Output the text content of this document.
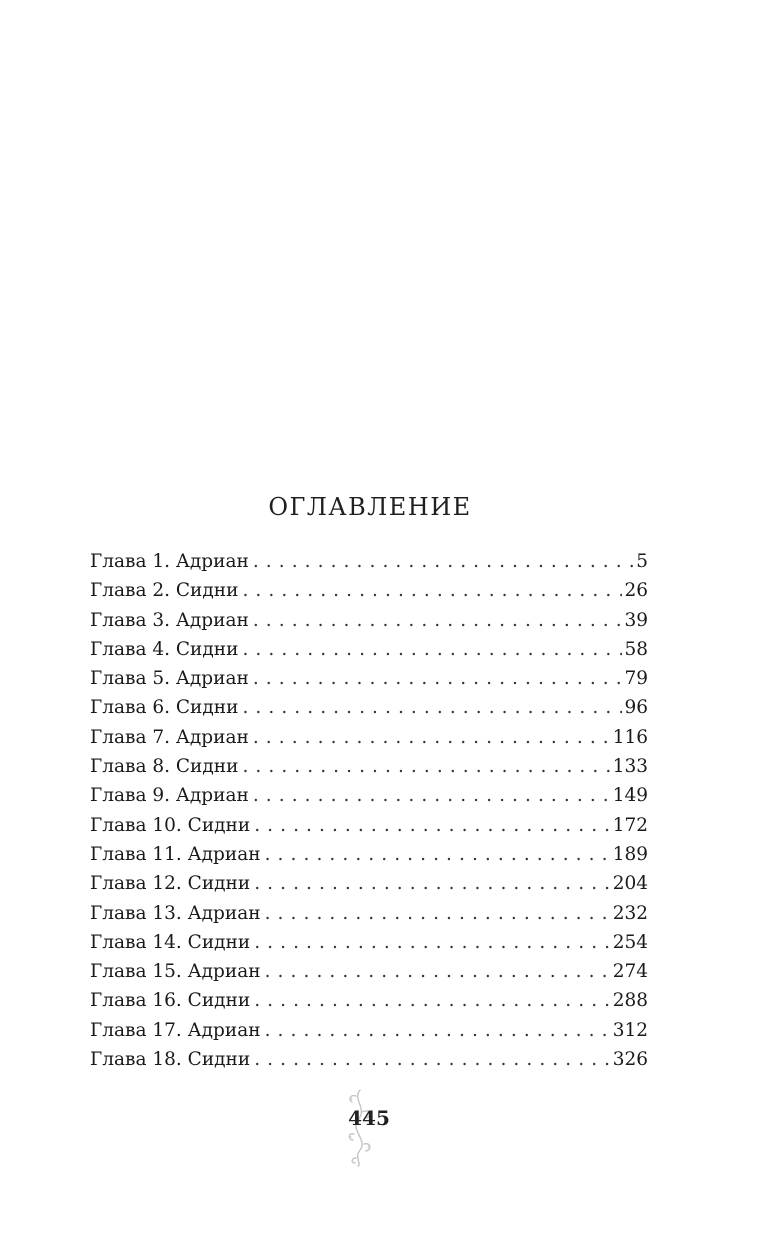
ОГЛАВЛЕНИЕ
Глава 1. Адриан . . .	5
Глава 2. Сидни . . .	26
Глава 3. Адриан . . .	39
Глава 4. Сидни . . .	58
Глава 5. Адриан . . .	79
Глава 6. Сидни . . .	96
Глава 7. Адриан . . .	116
Глава 8. Сидни . . .	133
Глава 9. Адриан . . .	149
Глава 10. Сидни . . .	172
Глава 11. Адриан . . .	189
Глава 12. Сидни . . .	204
Глава 13. Адриан . . .	232
Глава 14. Сидни . . .	254
Глава 15. Адриан . . .	274
Глава 16. Сидни . . .	288
Глава 17. Адриан . . .	312
Глава 18. Сидни . . .	326
445
